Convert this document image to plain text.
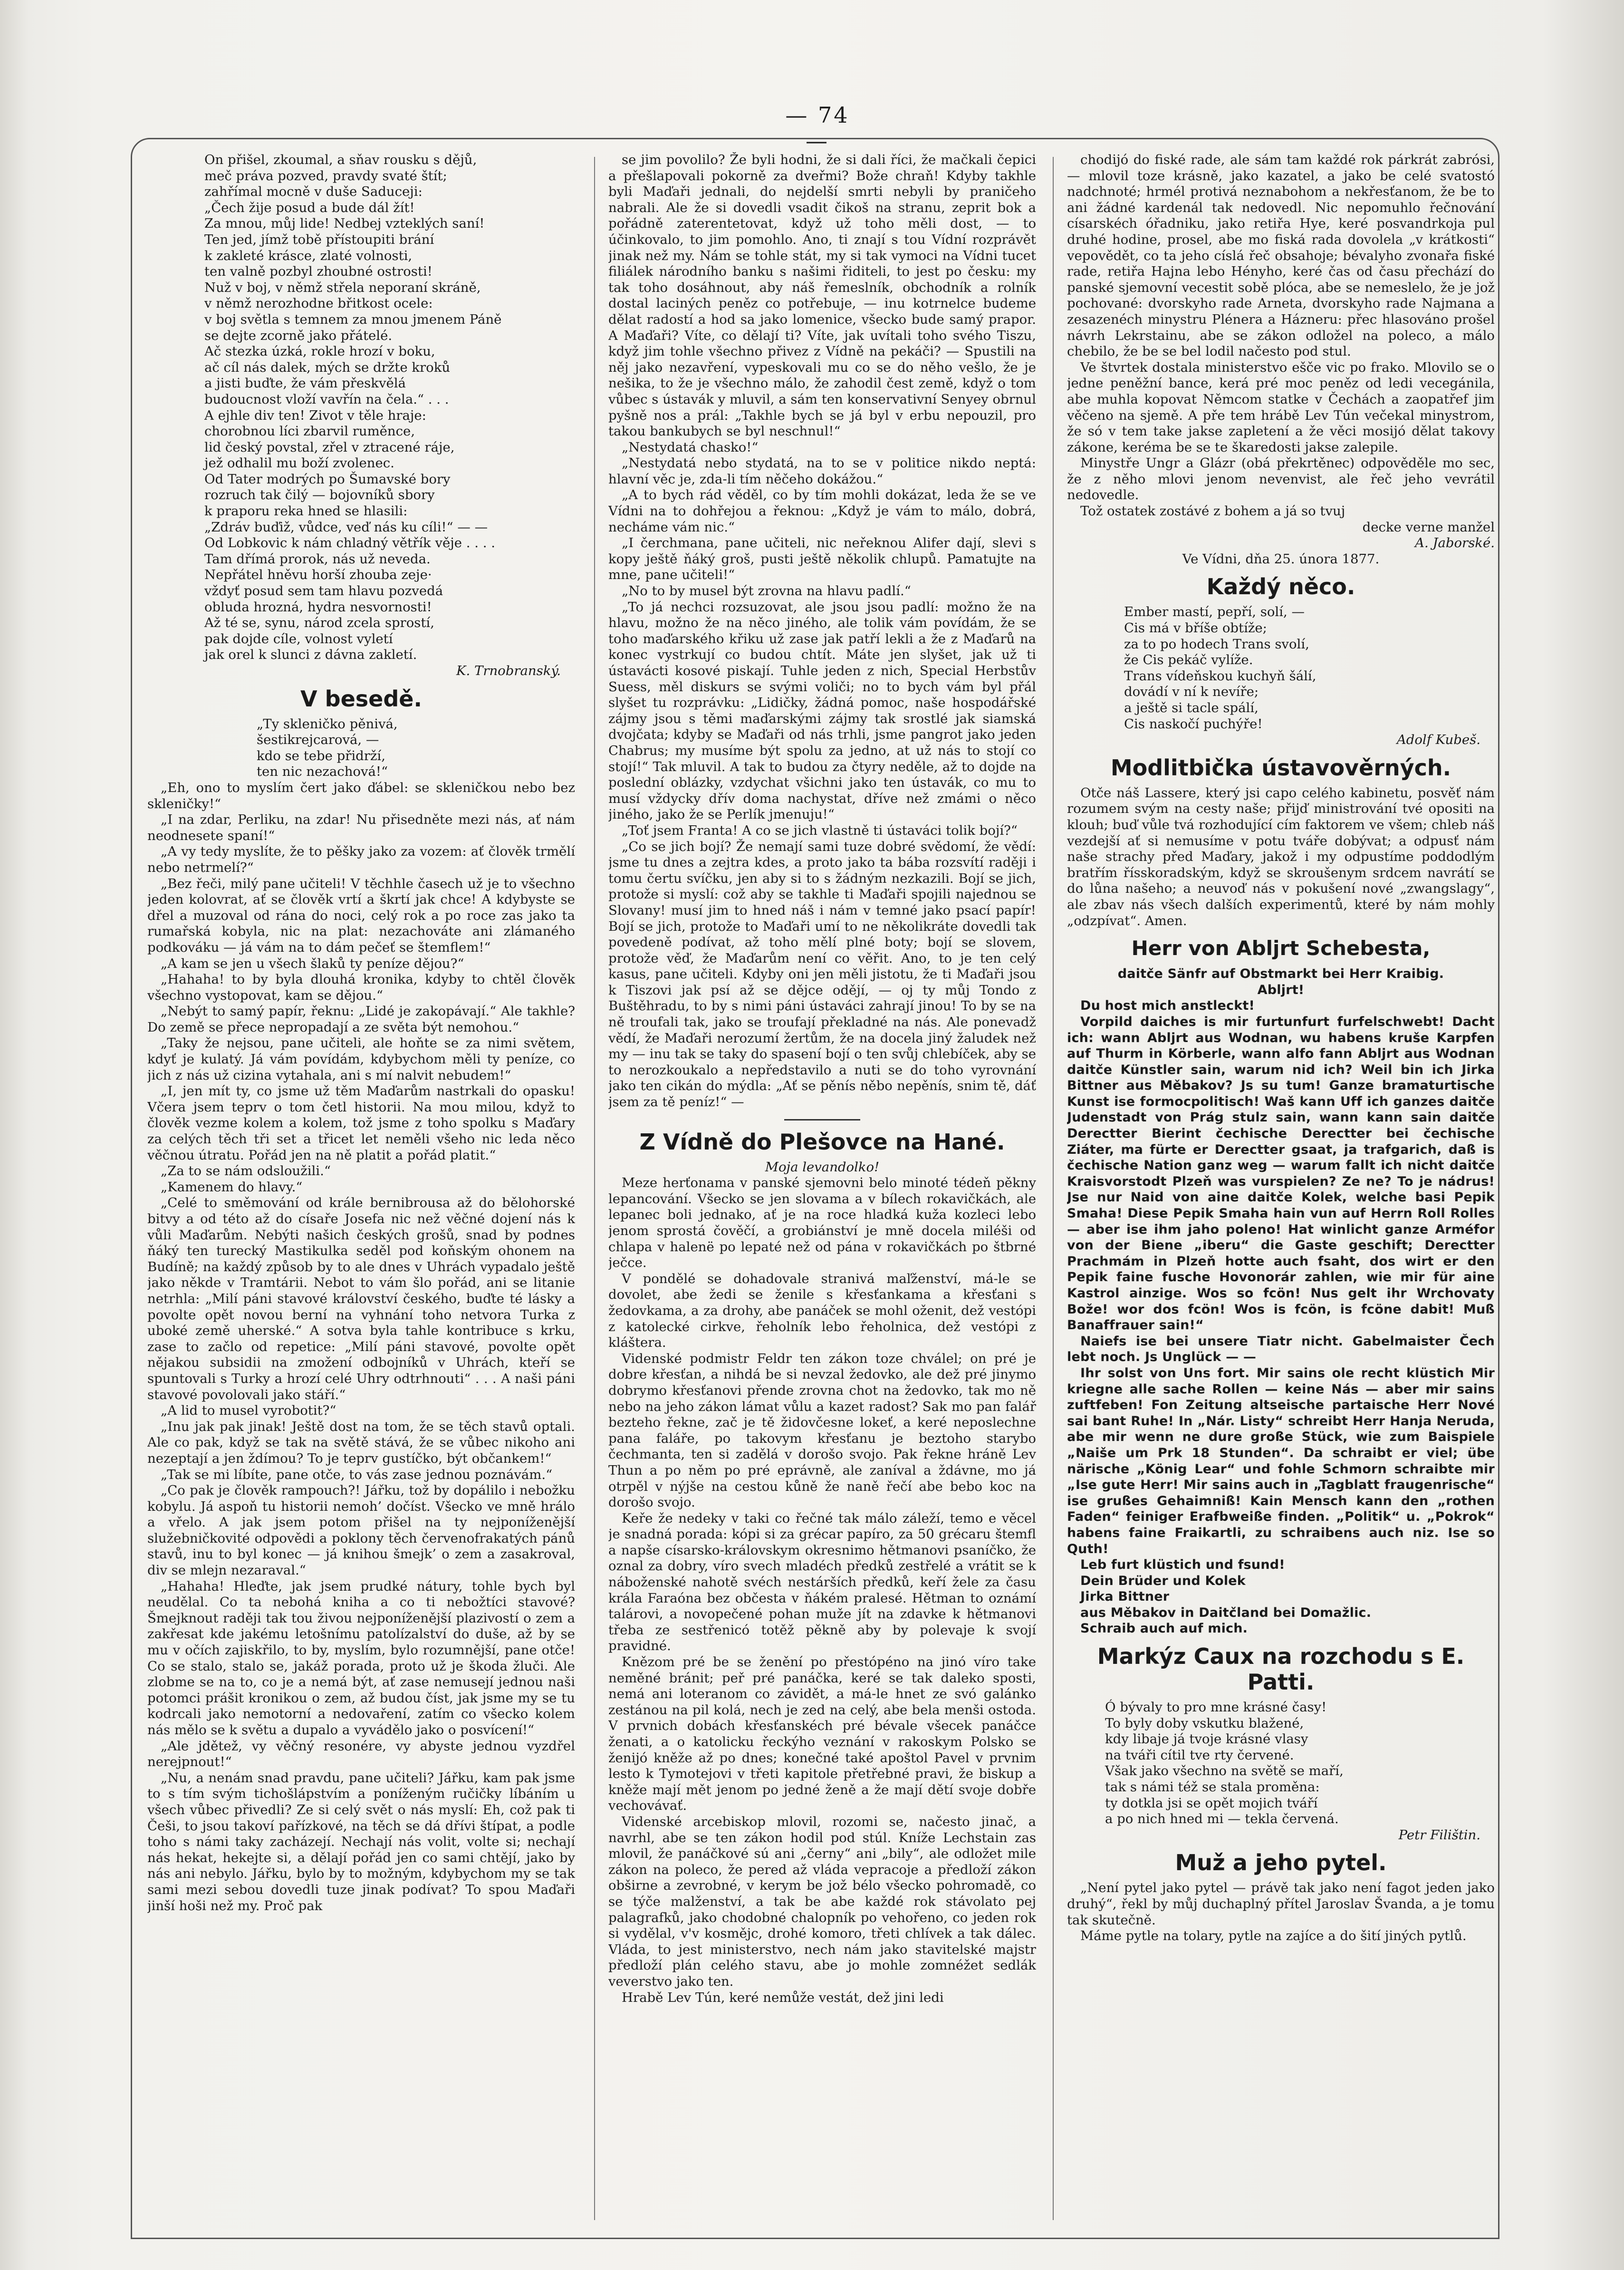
— 74 —

On přišel, zkoumal, a sňav rousku s dějů,

meč práva pozved, pravdy svaté štít;

zahřímal mocně v duše Saduceji:

„Čech žije posud a bude dál žít!

Za mnou, můj lide! Nedbej vzteklých saní!

Ten jed, jímž tobě přístoupiti brání

k zakleté krásce, zlaté volnosti,

ten valně pozbyl zhoubné ostrosti!

Nuž v boj, v němž střela neporaní skráně,

v němž nerozhodne břitkost ocele:

v boj světla s temnem za mnou jmenem Páně

se dejte zcorně jako přátelé.

Ač stezka úzká, rokle hrozí v boku,

ač cíl nás dalek, mých se držte kroků

a jisti buďte, že vám přeskvělá

budoucnost vloží vavřín na čela.“ . . .

A ejhle div ten! Zivot v těle hraje:

chorobnou líci zbarvil ruměnce,

lid český povstal, zřel v ztracené ráje,

jež odhalil mu boží zvolenec.

Od Tater modrých po Šumavské bory

rozruch tak čilý — bojovníků sbory

k praporu reka hned se hlasili:

„Zdráv buďiž, vůdce, veď nás ku cíli!“ — —

Od Lobkovic k nám chladný větřík věje . . . .

Tam dřímá prorok, nás už neveda.

Nepřátel hněvu horší zhouba zeje·

vždyť posud sem tam hlavu pozvedá

obluda hrozná, hydra nesvornosti!

Až té se, synu, národ zcela sprostí,

pak dojde cíle, volnost vyletí

jak orel k slunci z dávna zakletí.

K. Trnobranský.
V besedě.

„Ty skleničko pěnivá,

šestikrejcarová, —

kdo se tebe přidrží,

ten nic nezachová!“

„Eh, ono to myslím čert jako ďábel: se skleničkou nebo bez skleničky!“

„I na zdar, Perliku, na zdar! Nu přisedněte mezi nás, ať nám neodnesete spaní!“

„A vy tedy myslíte, že to pěšky jako za vozem: ať člověk trmělí nebo netrmelí?“

„Bez řeči, milý pane učiteli! V těchhle časech už je to všechno jeden kolovrat, ať se člověk vrtí a škrtí jak chce! A kdybyste se dřel a muzoval od rána do noci, celý rok a po roce zas jako ta rumařská kobyla, nic na plat: nezachováte ani zlámaného podkováku — já vám na to dám pečeť se štemflem!“

„A kam se jen u všech šlaků ty peníze dějou?“

„Hahaha! to by byla dlouhá kronika, kdyby to chtěl člověk všechno vystopovat, kam se dějou.“

„Nebýt to samý papír, řeknu: „Lidé je zakopávají.“ Ale takhle? Do země se přece nepropadají a ze světa být nemohou.“

„Taky že nejsou, pane učiteli, ale hoňte se za nimi světem, kdyť je kulatý. Já vám povídám, kdybychom měli ty peníze, co jich z nás už cizina vytahala, ani s mí nalvit nebudem!“

„I, jen mít ty, co jsme už těm Maďarům nastrkali do opasku! Včera jsem teprv o tom četl historii. Na mou milou, když to člověk vezme kolem a kolem, tož jsme z toho spolku s Maďary za celých těch tři set a třicet let neměli všeho nic leda něco věčnou útratu. Pořád jen na ně platit a pořád platit.“

„Za to se nám odsloužili.“

„Kamenem do hlavy.“

„Celé to směmování od krále bernibrousa až do bělohorské bitvy a od této až do císaře Josefa nic než věčné dojení nás k vůli Maďarům. Nebýti našich českých grošů, snad by podnes ňáký ten turecký Mastikulka seděl pod koňským ohonem na Budíně; na každý způsob by to ale dnes v Uhrách vypadalo ještě jako někde v Tramtárii. Nebot to vám šlo pořád, ani se litanie netrhla: „Milí páni stavové království českého, buďte té lásky a povolte opět novou berní na vyhnání toho netvora Turka z uboké země uherské.“ A sotva byla tahle kontribuce s krku, zase to začlo od repetice: „Milí páni stavové, povolte opět nějakou subsidii na zmožení odbojníků v Uhrách, kteří se spuntovali s Turky a hrozí celé Uhry odtrhnouti“ . . . A naši páni stavové povolovali jako stáří.“

„A lid to musel vyrobotit?“

„Inu jak pak jinak! Ještě dost na tom, že se těch stavů optali. Ale co pak, když se tak na světě stává, že se vůbec nikoho ani nezeptají a jen ždímou? To je teprv gustíčko, být občankem!“

„Tak se mi líbíte, pane otče, to vás zase jednou poznávám.“

„Co pak je člověk rampouch?! Jářku, tož by dopálilo i nebožku kobylu. Já aspoň tu historii nemoh’ dočíst. Všecko ve mně hrálo a vřelo. A jak jsem potom přišel na ty nejponíženější služebničkovité odpovědi a poklony těch červenofrakatých pánů stavů, inu to byl konec — já knihou šmejk’ o zem a zasakroval, div se mlejn nezaraval.“

„Hahaha! Hleďte, jak jsem prudké nátury, tohle bych byl neudělal. Co ta nebohá kniha a co ti nebožtíci stavové? Šmejknout raději tak tou živou nejponíženější plazivostí o zem a zakřesat kde jakému letošnímu patolízalství do duše, až by se mu v očích zajiskřilo, to by, myslím, bylo rozumnější, pane otče! Co se stalo, stalo se, jakáž porada, proto už je škoda žluči. Ale zlobme se na to, co je a nemá být, ať zase nemusejí jednou naši potomci prášit kronikou o zem, až budou číst, jak jsme my se tu kodrcali jako nemotorní a nedovaření, zatím co všecko kolem nás mělo se k světu a dupalo a vyvádělo jako o posvícení!“

„Ale jdětež, vy věčný resonére, vy abyste jednou vyzdřel nerejpnout!“

„Nu, a nenám snad pravdu, pane učiteli? Jářku, kam pak jsme to s tím svým tichošlápstvím a poníženým ručičky líbáním u všech vůbec přivedli? Ze si celý svět o nás myslí: Eh, což pak ti Češi, to jsou takoví pařízkové, na těch se dá dřívi štípat, a podle toho s námi taky zacházejí. Nechají nás volit, volte si; nechají nás hekat, hekejte si, a dělají pořád jen co sami chtějí, jako by nás ani nebylo. Jářku, bylo by to možným, kdybychom my se tak sami mezi sebou dovedli tuze jinak podívat? To spou Maďaři jinší hoši než my. Proč pak

se jim povolilo? Že byli hodni, že si dali říci, že mačkali čepici a přešlapovali pokorně za dveřmi? Bože chraň! Kdyby takhle byli Maďaři jednali, do nejdelší smrti nebyli by praničeho nabrali. Ale že si dovedli vsadit čikoš na stranu, zeprit bok a pořádně zaterentetovat, když už toho měli dost, — to účinkovalo, to jim pomohlo. Ano, ti znají s tou Vídní rozprávět jinak než my. Nám se tohle stát, my si tak vymoci na Vídni tucet filiálek národního banku s našimi řiditeli, to jest po česku: my tak toho dosáhnout, aby náš řemeslník, obchodník a rolník dostal laciných peněz co potřebuje, — inu kotrnelce budeme dělat radostí a hod sa jako lomenice, všecko bude samý prapor. A Maďaři? Víte, co dělají ti? Víte, jak uvítali toho svého Tiszu, když jim tohle všechno přivez z Vídně na pekáči? — Spustili na něj jako nezavření, vypeskovali mu co se do něho vešlo, že je nešika, to že je všechno málo, že zahodil čest země, když o tom vůbec s ústavák y mluvil, a sám ten konservativní Senyey obrnul pyšně nos a prál: „Takhle bych se já byl v erbu nepouzil, pro takou bankubych se byl neschnul!“

„Nestydatá chasko!“

„Nestydatá nebo stydatá, na to se v politice nikdo neptá: hlavní věc je, zda-li tím něčeho dokážou.“

„A to bych rád věděl, co by tím mohli dokázat, leda že se ve Vídni na to dohřejou a řeknou: „Když je vám to málo, dobrá, necháme vám nic.“

„I čerchmana, pane učiteli, nic neřeknou Alifer dají, slevi s kopy ještě ňáký groš, pusti ještě několik chlupů. Pamatujte na mne, pane učiteli!“

„No to by musel být zrovna na hlavu padlí.“

„To já nechci rozsuzovat, ale jsou jsou padlí: možno že na hlavu, možno že na něco jiného, ale tolik vám povídám, že se toho maďarského křiku už zase jak patří lekli a že z Maďarů na konec vystrkují co budou chtít. Máte jen slyšet, jak už ti ústavácti kosové piskají. Tuhle jeden z nich, Special Herbstův Suess, měl diskurs se svými voliči; no to bych vám byl přál slyšet tu rozprávku: „Lidičky, žádná pomoc, naše hospodářské zájmy jsou s těmi maďarskými zájmy tak srostlé jak siamská dvojčata; kdyby se Maďaři od nás trhli, jsme pangrot jako jeden Chabrus; my musíme být spolu za jedno, at už nás to stojí co stojí!“ Tak mluvil. A tak to budou za čtyry neděle, až to dojde na poslední oblázky, vzdychat všichni jako ten ústavák, co mu to musí vždycky dřív doma nachystat, dříve než zmámi o něco jiného, jako že se Perlík jmenuju!“

„Toť jsem Franta! A co se jich vlastně ti ústaváci tolik bojí?“

„Co se jich bojí? Že nemají sami tuze dobré svědomí, že vědí: jsme tu dnes a zejtra kdes, a proto jako ta bába rozsvítí raději i tomu čertu svíčku, jen aby si to s žádným nezkazili. Bojí se jich, protože si myslí: což aby se takhle ti Maďaři spojili najednou se Slovany! musí jim to hned náš i nám v temné jako psací papír! Bojí se jich, protože to Maďaři umí to ne několikráte dovedli tak povedeně podívat, až toho mělí plné boty; bojí se slovem, protože věď, že Maďarům není co věřit. Ano, to je ten celý kasus, pane učiteli. Kdyby oni jen měli jistotu, že ti Maďaři jsou k Tiszovi jak psí až se dějce odějí, — oj ty můj Tondo z Buštěhradu, to by s nimi páni ústaváci zahrají jinou! To by se na ně troufali tak, jako se troufají překladné na nás. Ale ponevadž vědí, že Maďaři nerozumí žertům, že na docela jiný žaludek než my — inu tak se taky do spasení bojí o ten svůj chlebíček, aby se to nerozkoukalo a nepředstavilo a nuti se do toho vyrovnání jako ten cikán do mýdla: „Ať se pěnís něbo nepěnís, snim tě, dáť jsem za tě peníz!“ —

Z Vídně do Plešovce na Hané.

Moja levandolko!

Meze herťonama v panské sjemovni belo minoté tédeň pěkny lepancování. Všecko se jen slovama a v bílech rokavičkách, ale lepanec boli jednako, ať je na roce hladká kuža kozleci lebo jenom sprostá čověčí, a grobiánství je mně docela miléši od chlapa v halenë po lepaté než od pána v rokavičkách po štbrné ječce.

V pondělé se dohadovale stranivá maľženství, má-le se dovolet, abe žedi se ženile s křesťankama a křesťani s žedovkama, a za drohy, abe panáček se mohl oženit, dež vestópi z katolecké cirkve, řeholník lebo řeholnica, dež vestópi z kláštera.

Videnské podmistr Feldr ten zákon toze chválel; on pré je dobre křesťan, a nihdá be si nevzal žedovko, ale dež pré jinymo dobrymo křesťanovi přende zrovna chot na žedovko, tak mo ně nebo na jeho zákon lámat vůlu a kazet radost? Sak mo pan falář bezteho řekne, zač je tě židovčesne lokeť, a keré neposlechne pana faláře, po takovym křesťanu je beztoho starybo čechmanta, ten si zadělá v dorošo svojo. Pak řekne hráně Lev Thun a po něm po pré eprávně, ale zaníval a ždávne, mo já otrpěl v nýjše na cestou kůně že naně řečí abe bebo koc na dorošo svojo.

Keře že nedeky v taki co řečné tak málo záleží, temo e věcel je snadná porada: kópi si za grécar papíro, za 50 grécaru štemfl a napše císarsko-královskym okresnimo hětmanovi psaníčko, že oznal za dobry, víro svech mladéch předků zestřelé a vrátit se k náboženské nahotě svéch nestárších předků, keří žele za času krála Faraóna bez občesta v ňákém pralesé. Hětman to oznámí talárovi, a novopečené pohan muže jít na zdavke k hětmanovi třeba ze sestřenicó totěž pěkně aby by polevaje k svojí pravidné.

Knězom pré be se ženění po přestópéno na jinó víro take neměné bránit; peř pré panáčka, keré se tak daleko sposti, nemá ani loteranom co závidět, a má-le hnet ze svó galánko zestánou na pil kolá, nech je zed na celý, abe bela menši ostoda. V prvnich dobách křesťanskéch pré bévale všecek panáčce ženati, a o katolicku řeckýho veznání v rakoskym Polsko se ženijó kněže až po dnes; konečné také apoštol Pavel v prvnim lesto k Tymotejovi v třeti kapitole přetřebné pravi, že biskup a kněže mají mět jenom po jedné ženě a že mají dětí svoje dobře vechovávať.

Videnské arcebiskop mlovil, rozomi se, načesto jinač, a navrhl, abe se ten zákon hodil pod stúl. Kníže Lechstain zas mlovil, že panáčkové sú ani „černy“ ani „bily“, ale odložet mile zákon na poleco, že pered až vláda vepracoje a předloží zákon obširne a zevrobné, v kerym be jož bélo všecko pohromadě, co se týče malženství, a tak be abe každé rok stávolato pej palagrafků, jako chodobné chalopník po vehořeno, co jeden rok si vydělal, v'v kosmějc, drohé komoro, třeti chlívek a tak dálec. Vláda, to jest ministerstvo, nech nám jako stavitelské majstr předloží plán celého stavu, abe jo mohle zomnéžet sedlák veverstvo jako ten.

Hrabě Lev Tún, keré nemůže vestát, dež jini ledi

chodijó do fiské rade, ale sám tam každé rok párkrát zabrósi, — mlovil toze krásně, jako kazatel, a jako be celé svatostó nadchnoté; hrmél protivá neznabohom a nekřesťanom, že be to ani žádné kardenál tak nedovedl. Nic nepomuhlo řečnování císarskéch óřadniku, jako retiřa Hye, keré posvandrkoja pul druhé hodine, prosel, abe mo fiská rada dovolela „v krátkosti“ vepovědět, co ta jeho císlá řeč obsahoje; bévalyho zvonařa fiské rade, retiřa Hajna lebo Hényho, keré čas od času přechází do panské sjemovní vecestit sobě plóca, abe se nemeslelo, že je jož pochované: dvorskyho rade Arneta, dvorskyho rade Najmana a zesazenéch minystru Plénera a Házneru: přec hlasováno prošel návrh Lekrstainu, abe se zákon odložel na poleco, a málo chebilo, že be se bel lodil načesto pod stul.

Ve štvrtek dostala ministerstvo ešče vic po frako. Mlovilo se o jedne peněžní bance, kerá pré moc peněz od ledi vecegánila, abe muhla kopovat Němcom statke v Čechách a zaopatřef jim věčeno na sjemě. A pře tem hrábě Lev Tún večekal minystrom, že só v tem take jakse zapletení a že věci mosijó dělat takovy zákone, keréma be se te škaredosti jakse zalepile.

Minystře Ungr a Glázr (obá překrtěnec) odpověděle mo sec, že z něho mlovi jenom nevenvist, ale řeč jeho vevrátil nedovedle.

Tož ostatek zostávé z bohem a já so tvuj

decke verne manžel

A. Jaborské.

Ve Vídni, dňa 25. února 1877.

Každý něco.

Ember mastí, pepří, solí, —

Cis má v bříše obtíže;

za to po hodech Trans svolí,

že Cis pekáč vylíže.

Trans vídeňskou kuchyň šálí,

dovádí v ní k nevíře;

a ještě si tacle spálí,

Cis naskočí puchýře!

Adolf Kubeš.
Modlitbička ústavověrných.

Otče náš Lassere, který jsi capo celého kabinetu, posvěť nám rozumem svým na cesty naše; přijď ministrování tvé opositi na klouh; buď vůle tvá rozhodující cím faktorem ve všem; chleb náš vezdejší ať si nemusíme v potu tváře dobývat; a odpusť nám naše strachy před Maďary, jakož i my odpustíme poddodlým bratřím řísskoradským, když se skroušenym srdcem navrátí se do lůna našeho; a neuvoď nás v pokušení nové „zwangslagy“, ale zbav nás všech dalších experimentů, které by nám mohly „odzpívat“. Amen.

Herr von Abljrt Schebesta,

daitče Sänfr auf Obstmarkt bei Herr Kraibig.

Abljrt!

Du host mich anstleckt!

Vorpild daiches is mir furtunfurt furfelschwebt! Dacht ich: wann Abljrt aus Wodnan, wu habens kruše Karpfen auf Thurm in Körberle, wann alfo fann Abljrt aus Wodnan daitče Künstler sain, warum nid ich? Weil bin ich Jirka Bittner aus Měbakov? Js su tum! Ganze bramaturtische Kunst ise formocpolitisch! Waš kann Uff ich ganzes daitče Judenstadt von Prág stulz sain, wann kann sain daitče Derectter Bierint čechische Derectter bei čechische Ziáter, ma fürte er Derectter gsaat, ja trafgarich, daß is čechische Nation ganz weg — warum fallt ich nicht daitče Kraisvorstodt Plzeň was vurspielen? Ze ne? To je nádrus! Jse nur Naid von aine daitče Kolek, welche basi Pepik Smaha! Diese Pepik Smaha hain vun auf Herrn Roll Rolles — aber ise ihm jaho poleno! Hat winlicht ganze Arméfor von der Biene „iberu“ die Gaste geschift; Derectter Prachmám in Plzeň hotte auch fsaht, dos wirt er den Pepik faine fusche Hovonorár zahlen, wie mir für aine Kastrol ainzige. Wos so fcön! Nus gelt ihr Wrchovaty Bože! wor dos fcön! Wos is fcön, is fcöne dabit! Muß Banaffrauer sain!“

Naiefs ise bei unsere Tiatr nicht. Gabelmaister Čech lebt noch. Js Unglück — —

Ihr solst von Uns fort. Mir sains ole recht klüstich Mir kriegne alle sache Rollen — keine Nás — aber mir sains zuftfeben! Fon Zeitung altseische partaische Herr Nové sai bant Ruhe! In „Nár. Listy“ schreibt Herr Hanja Neruda, abe mir wenn ne dure große Stück, wie zum Baispiele „Naiše um Prk 18 Stunden“. Da schraibt er viel; übe närische „König Lear“ und fohle Schmorn schraibte mir „Ise gute Herr! Mir sains auch in „Tagblatt fraugenrische“ ise grußes Gehaimniß! Kain Mensch kann den „rothen Faden“ feiniger Erafbweiße finden. „Politik“ u. „Pokrok“ habens faine Fraikartli, zu schraibens auch niz. Ise so Quth!

Leb furt klüstich und fsund!

Dein Brüder und Kolek

Jirka Bittner

aus Měbakov in Daitčland bei Domažlic.

Schraib auch auf mich.

Markýz Caux na rozchodu s E. Patti.

Ó bývaly to pro mne krásné časy!

To byly doby vskutku blažené,

kdy libaje já tvoje krásné vlasy

na tváři cítil tve rty červené.

Však jako všechno na světě se maří,

tak s námi též se stala proměna:

ty dotkla jsi se opět mojich tváří

a po nich hned mi — tekla červená.

Petr Filištin.
Muž a jeho pytel.

„Není pytel jako pytel — právě tak jako není fagot jeden jako druhý“, řekl by můj duchaplný přítel Jaroslav Švanda, a je tomu tak skutečně.

Máme pytle na tolary, pytle na zajíce a do šití jiných pytlů.
